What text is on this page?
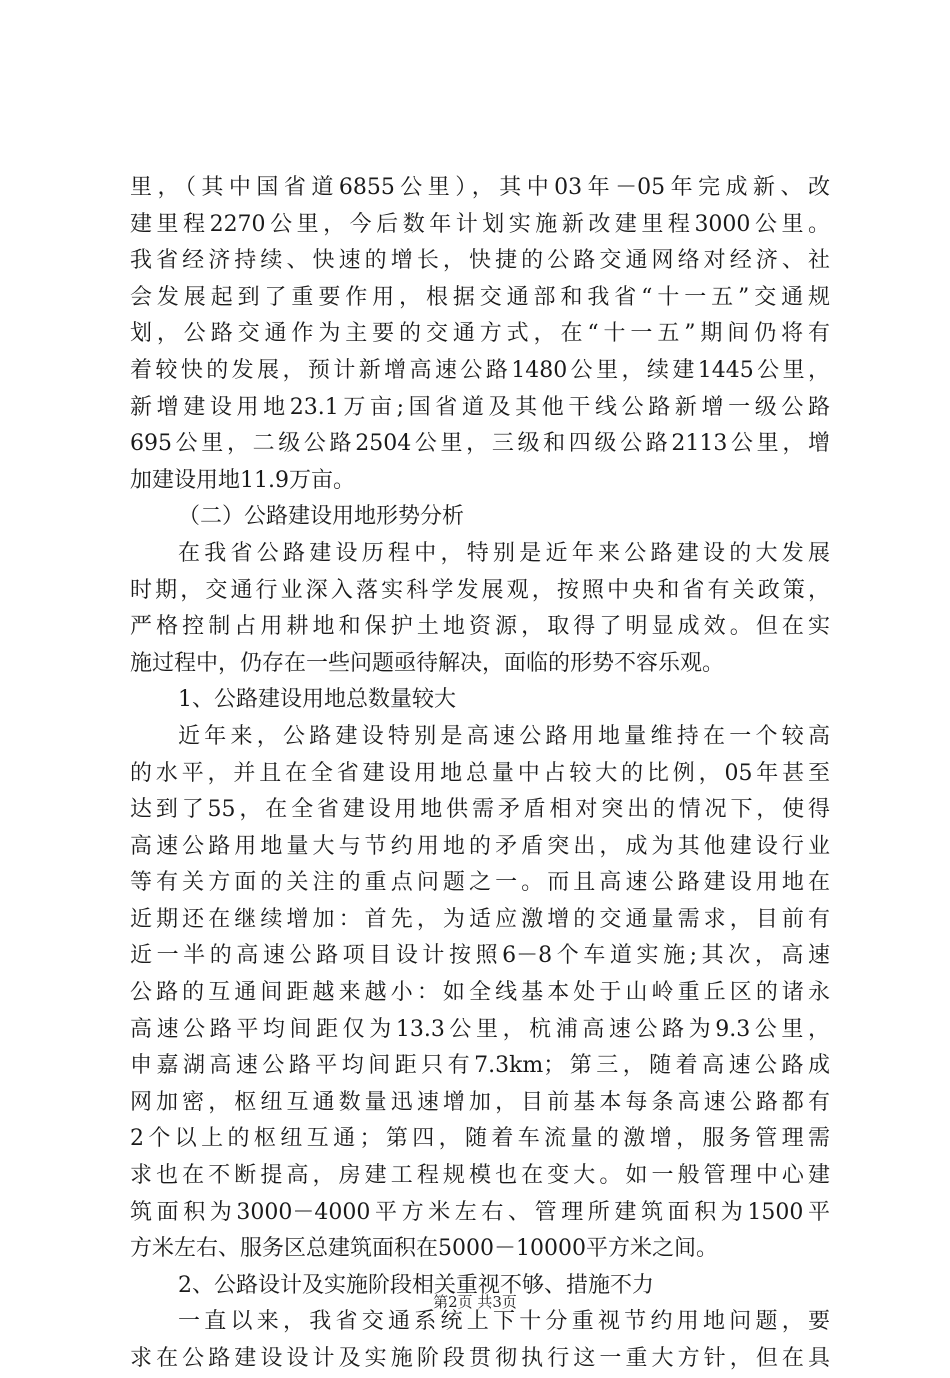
里，（其中国省道6855公里），其中03年－05年完成新、改
建里程2270公里，今后数年计划实施新改建里程3000公里。
我省经济持续、快速的增长，快捷的公路交通网络对经济、社
会发展起到了重要作用，根据交通部和我省“十一五”交通规
划，公路交通作为主要的交通方式，在“十一五”期间仍将有
着较快的发展，预计新增高速公路1480公里，续建1445公里，
新增建设用地23.1万亩;国省道及其他干线公路新增一级公路
695公里，二级公路2504公里，三级和四级公路2113公里，增
加建设用地11.9万亩。
（二）公路建设用地形势分析
在我省公路建设历程中，特别是近年来公路建设的大发展
时期，交通行业深入落实科学发展观，按照中央和省有关政策，
严格控制占用耕地和保护土地资源，取得了明显成效。但在实
施过程中，仍存在一些问题亟待解决，面临的形势不容乐观。
1、公路建设用地总数量较大
近年来，公路建设特别是高速公路用地量维持在一个较高
的水平，并且在全省建设用地总量中占较大的比例，05年甚至
达到了55，在全省建设用地供需矛盾相对突出的情况下，使得
高速公路用地量大与节约用地的矛盾突出，成为其他建设行业
等有关方面的关注的重点问题之一。而且高速公路建设用地在
近期还在继续增加：首先，为适应激增的交通量需求，目前有
近一半的高速公路项目设计按照6－8个车道实施;其次，高速
公路的互通间距越来越小：如全线基本处于山岭重丘区的诸永
高速公路平均间距仅为13.3公里，杭浦高速公路为9.3公里，
申嘉湖高速公路平均间距只有7.3km；第三，随着高速公路成
网加密，枢纽互通数量迅速增加，目前基本每条高速公路都有
2个以上的枢纽互通；第四，随着车流量的激增，服务管理需
求也在不断提高，房建工程规模也在变大。如一般管理中心建
筑面积为3000－4000平方米左右、管理所建筑面积为1500平
方米左右、服务区总建筑面积在5000－10000平方米之间。
2、公路设计及实施阶段相关重视不够、措施不力
一直以来，我省交通系统上下十分重视节约用地问题，要
求在公路建设设计及实施阶段贯彻执行这一重大方针，但在具
第2页 共3页
